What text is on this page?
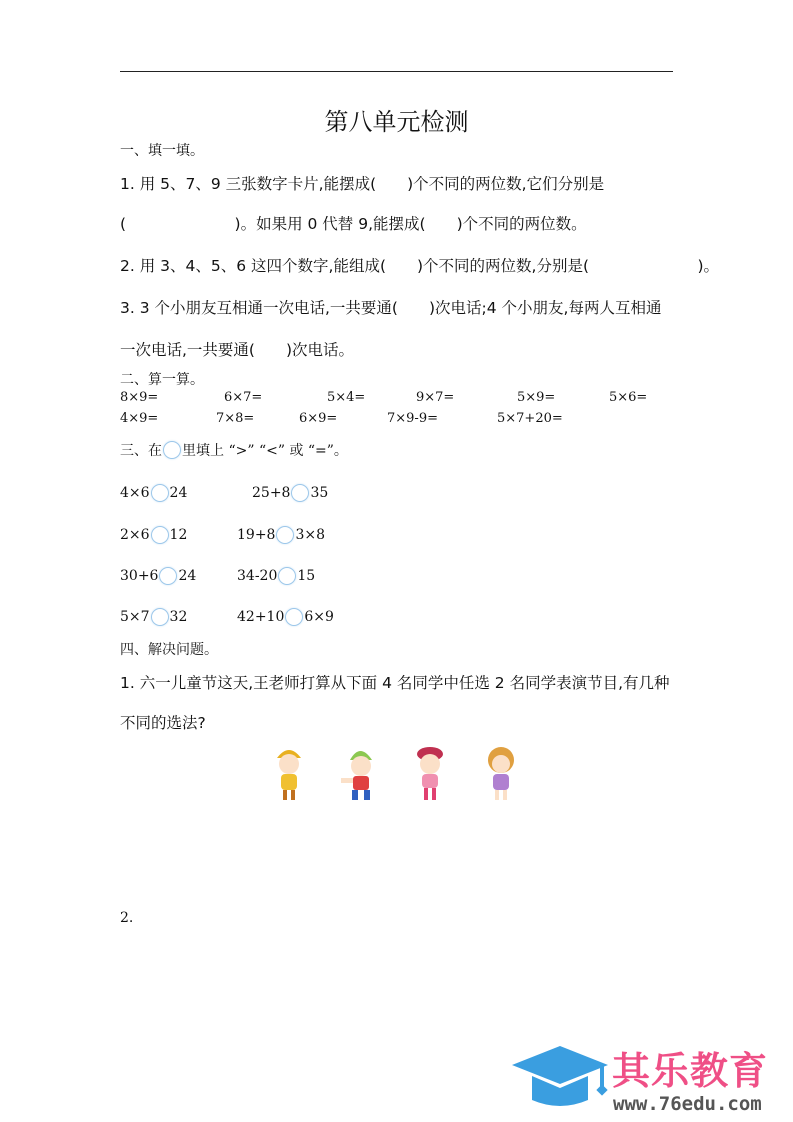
第八单元检测
一、填一填。
1. 用 5、7、9 三张数字卡片,能摆成(　　)个不同的两位数,它们分别是
(　　　　　　　)。如果用 0 代替 9,能摆成(　　)个不同的两位数。
2. 用 3、4、5、6 这四个数字,能组成(　　)个不同的两位数,分别是(　　　　　　　)。
3. 3 个小朋友互相通一次电话,一共要通(　　)次电话;4 个小朋友,每两人互相通
一次电话,一共要通(　　)次电话。
二、算一算。
8×9=	6×7=	5×4=	9×7=	5×9=	5×6=
4×9=	7×8=	6×9=	7×9-9=	5×7+20=
三、在 里填上 “>” “<” 或 “=”。
4×6 24	25+8 35
2×6 12	19+8 3×8
30+6 24	34-20 15
5×7 32	42+10 6×9
四、解决问题。
1. 六一儿童节这天,王老师打算从下面 4 名同学中任选 2 名同学表演节目,有几种
不同的选法?
2.
其乐教育
www.76edu.com
